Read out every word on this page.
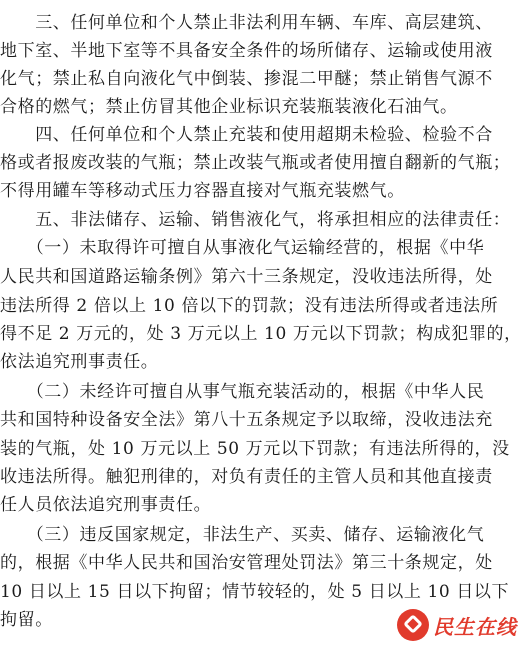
　　三、任何单位和个人禁止非法利用车辆、车库、高层建筑、
地下室、半地下室等不具备安全条件的场所储存、运输或使用液
化气；禁止私自向液化气中倒装、掺混二甲醚；禁止销售气源不
合格的燃气；禁止仿冒其他企业标识充装瓶装液化石油气。
　　四、任何单位和个人禁止充装和使用超期未检验、检验不合
格或者报废改装的气瓶；禁止改装气瓶或者使用擅自翻新的气瓶；
不得用罐车等移动式压力容器直接对气瓶充装燃气。
　　五、非法储存、运输、销售液化气，将承担相应的法律责任：
　　（一）未取得许可擅自从事液化气运输经营的，根据《中华
人民共和国道路运输条例》第六十三条规定，没收违法所得，处
违法所得 2 倍以上 10 倍以下的罚款；没有违法所得或者违法所
得不足 2 万元的，处 3 万元以上 10 万元以下罚款；构成犯罪的，
依法追究刑事责任。
　　（二）未经许可擅自从事气瓶充装活动的，根据《中华人民
共和国特种设备安全法》第八十五条规定予以取缔，没收违法充
装的气瓶，处 10 万元以上 50 万元以下罚款；有违法所得的，没
收违法所得。触犯刑律的，对负有责任的主管人员和其他直接责
任人员依法追究刑事责任。
　　（三）违反国家规定，非法生产、买卖、储存、运输液化气
的，根据《中华人民共和国治安管理处罚法》第三十条规定，处
10 日以上 15 日以下拘留；情节较轻的，处 5 日以上 10 日以下
拘留。	民生在线
